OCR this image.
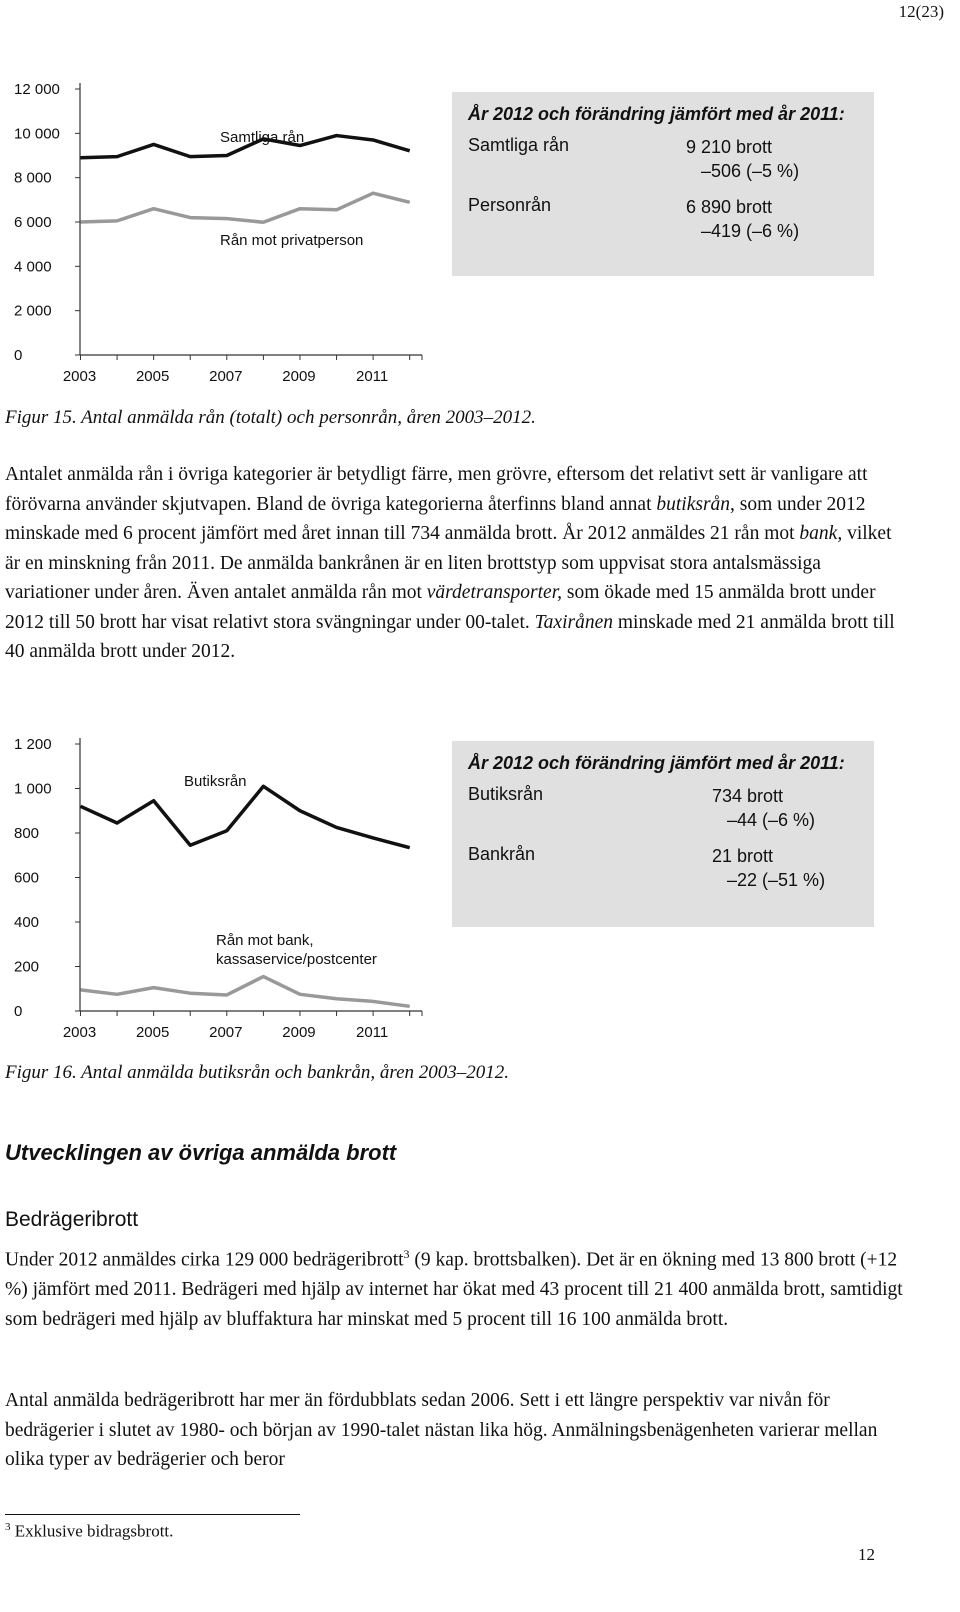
12(23)
0
2 000
4 000
6 000
8 000
10 000
12 000
2003	2005	2007	2009	2011
Samtliga rån
Rån mot privatperson
År 2012 och förändring jämfört med år 2011:
Samtliga rån	9 210 brott
–506 (–5 %)
Personrån	6 890 brott
–419 (–6 %)
Figur 15. Antal anmälda rån (totalt) och personrån, åren 2003–2012.

Antalet anmälda rån i övriga kategorier är betydligt färre, men grövre, eftersom det relativt sett är vanligare att förövarna använder skjutvapen. Bland de övriga kategorierna återfinns bland annat butiksrån, som under 2012 minskade med 6 procent jämfört med året innan till 734 anmälda brott. År 2012 anmäldes 21 rån mot bank, vilket är en minskning från 2011. De anmälda bankrånen är en liten brottstyp som uppvisat stora antalsmässiga variationer under åren. Även antalet anmälda rån mot värdetransporter, som ökade med 15 anmälda brott under 2012 till 50 brott har visat relativt stora svängningar under 00-talet. Taxirånen minskade med 21 anmälda brott till 40 anmälda brott under 2012.

0
200
400
600
800
1 000
1 200
2003	2005	2007	2009	2011
Butiksrån
Rån mot bank,
kassaservice/postcenter
År 2012 och förändring jämfört med år 2011:
Butiksrån	734 brott
–44 (–6 %)
Bankrån	21 brott
–22 (–51 %)
Figur 16. Antal anmälda butiksrån och bankrån, åren 2003–2012.
Utvecklingen av övriga anmälda brott
Bedrägeribrott

Under 2012 anmäldes cirka 129 000 bedrägeribrott$^3$ (9 kap. brottsbalken). Det är en ökning med 13 800 brott (+12 %) jämfört med 2011. Bedrägeri med hjälp av internet har ökat med 43 procent till 21 400 anmälda brott, samtidigt som bedrägeri med hjälp av bluffaktura har minskat med 5 procent till 16 100 anmälda brott.

Antal anmälda bedrägeribrott har mer än fördubblats sedan 2006. Sett i ett längre perspektiv var nivån för bedrägerier i slutet av 1980- och början av 1990-talet nästan lika hög. Anmälningsbenägenheten varierar mellan olika typer av bedrägerier och beror

$^3$ Exklusive bidragsbrott.
12
